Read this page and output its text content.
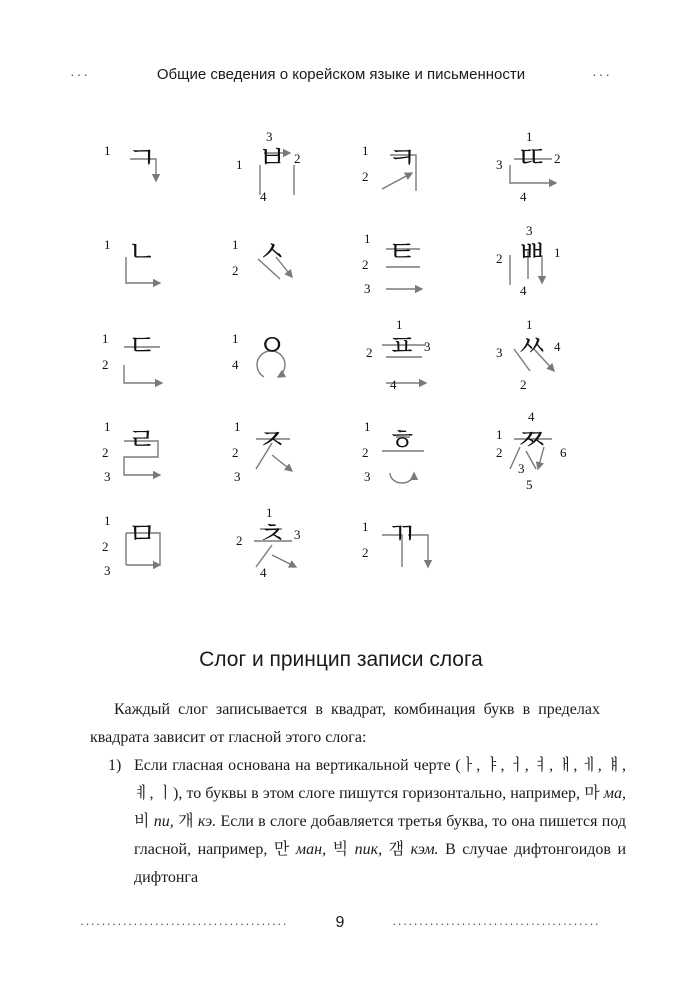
···	Общие сведения о корейском языке и письменности	···
1 ㄱ
3
1	2
4
ㅂ	1
2
ㅋ
1
3	2
4
ㄸ
1 ㄴ	1
2
ㅅ	1
2
3
ㅌ
3
2	1
4
ㅃ
1
2
ㄷ	1
4
ㅇ
1
2	3
4
ㅍ
1
3	4
2
ㅆ
1
2
3
ㄹ	1
2
3
ㅈ	1
2
3
ㅎ	1
4
2	6
3
5
ㅉ
1
2
3
ㅁ
1
2	3
4
ㅊ	1
2
ㄲ
Слог и принцип записи слога
Каждый слог записывается в квадрат, комбинация букв в пределах квадрата зависит от гласной этого слога:
1) Если гласная основана на вертикальной черте (ㅏ, ㅑ, ㅓ, ㅕ, ㅐ, ㅔ, ㅒ, ㅖ, ㅣ), то буквы в этом слоге пишутся горизонтально, например, 마 ма, 비 пи, 개 кэ. Если в слоге добавляется третья буква, то она пишется под гласной, например, 만 ман, 빅 пик, 갬 кэм. В случае дифтонгоидов и дифтонга
·······································	9	·······································
